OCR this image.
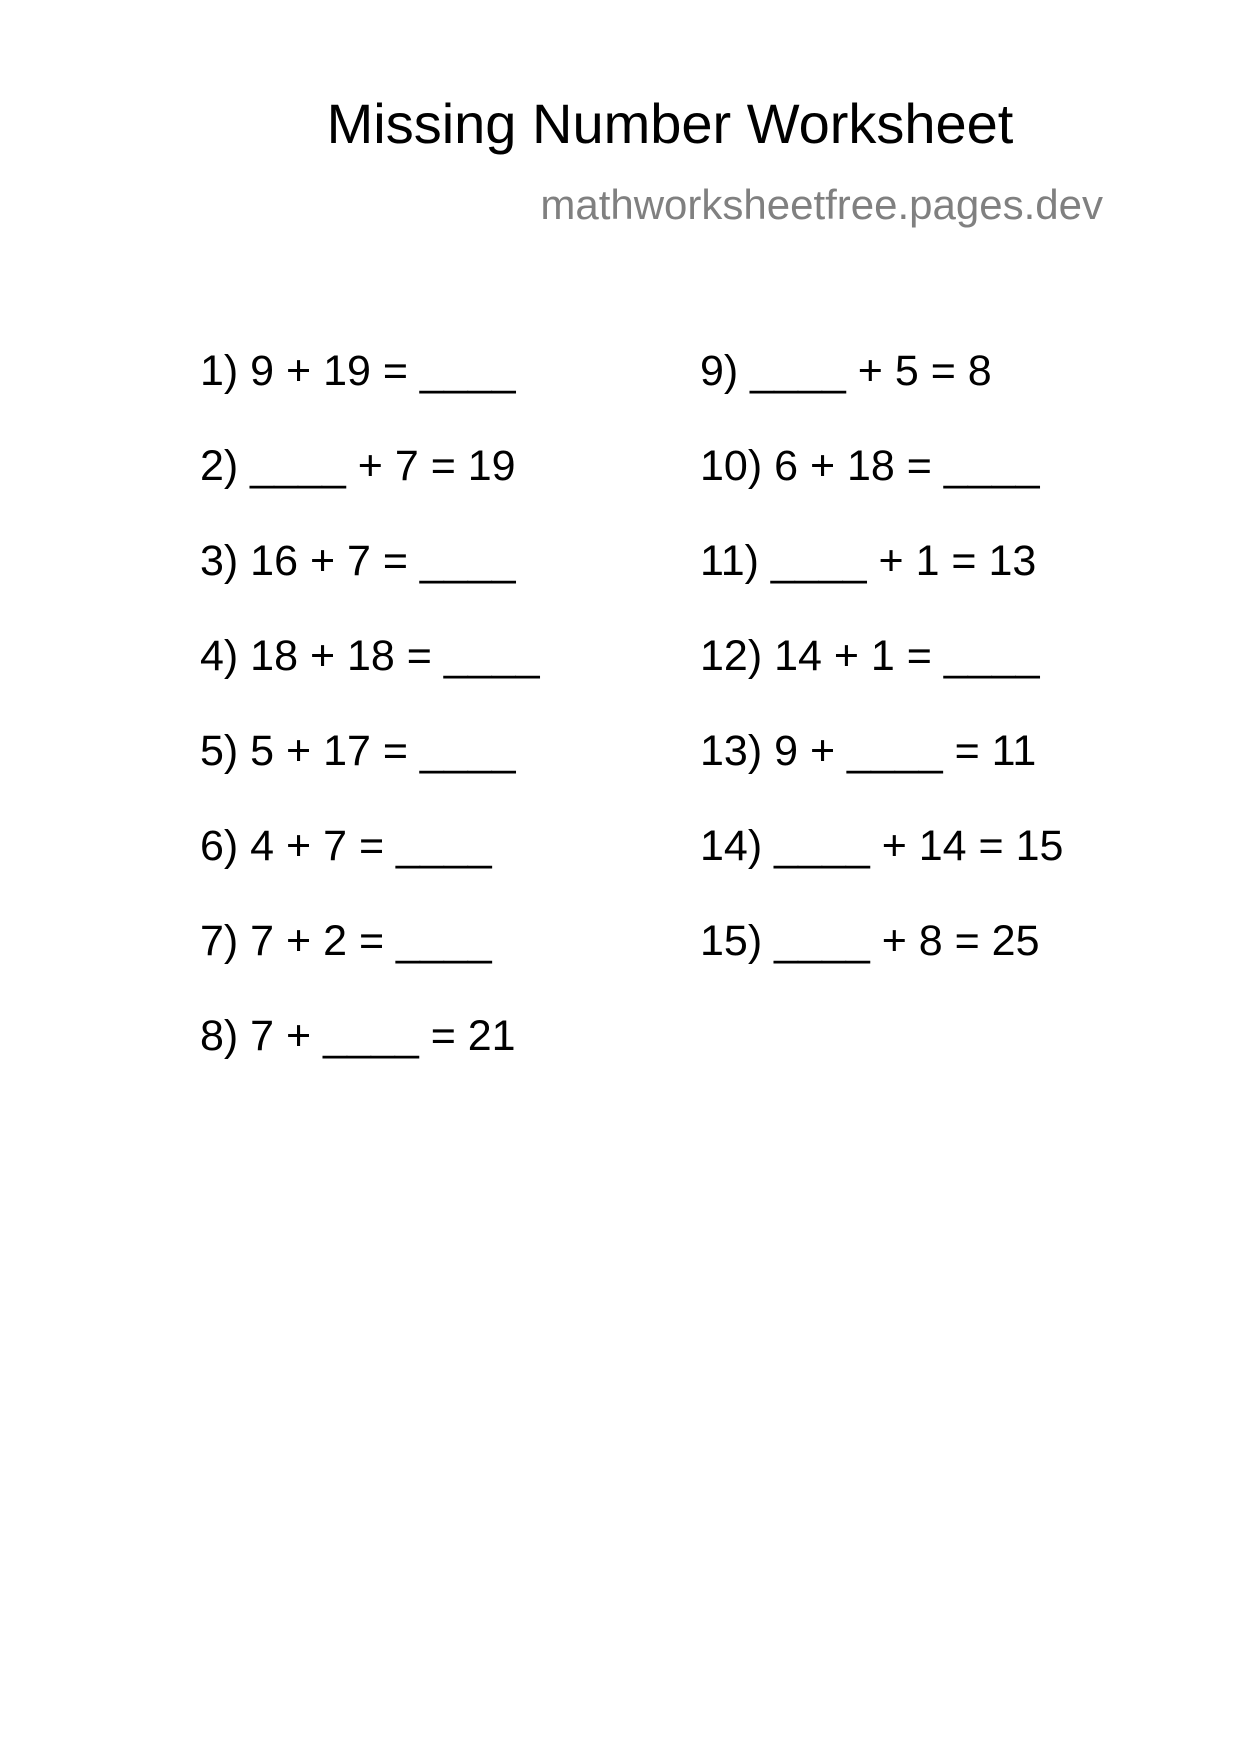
Missing Number Worksheet
mathworksheetfree.pages.dev
1) 9 + 19 = ____
2) ____ + 7 = 19
3) 16 + 7 = ____
4) 18 + 18 = ____
5) 5 + 17 = ____
6) 4 + 7 = ____
7) 7 + 2 = ____
8) 7 + ____ = 21
9) ____ + 5 = 8
10) 6 + 18 = ____
11) ____ + 1 = 13
12) 14 + 1 = ____
13) 9 + ____ = 11
14) ____ + 14 = 15
15) ____ + 8 = 25
